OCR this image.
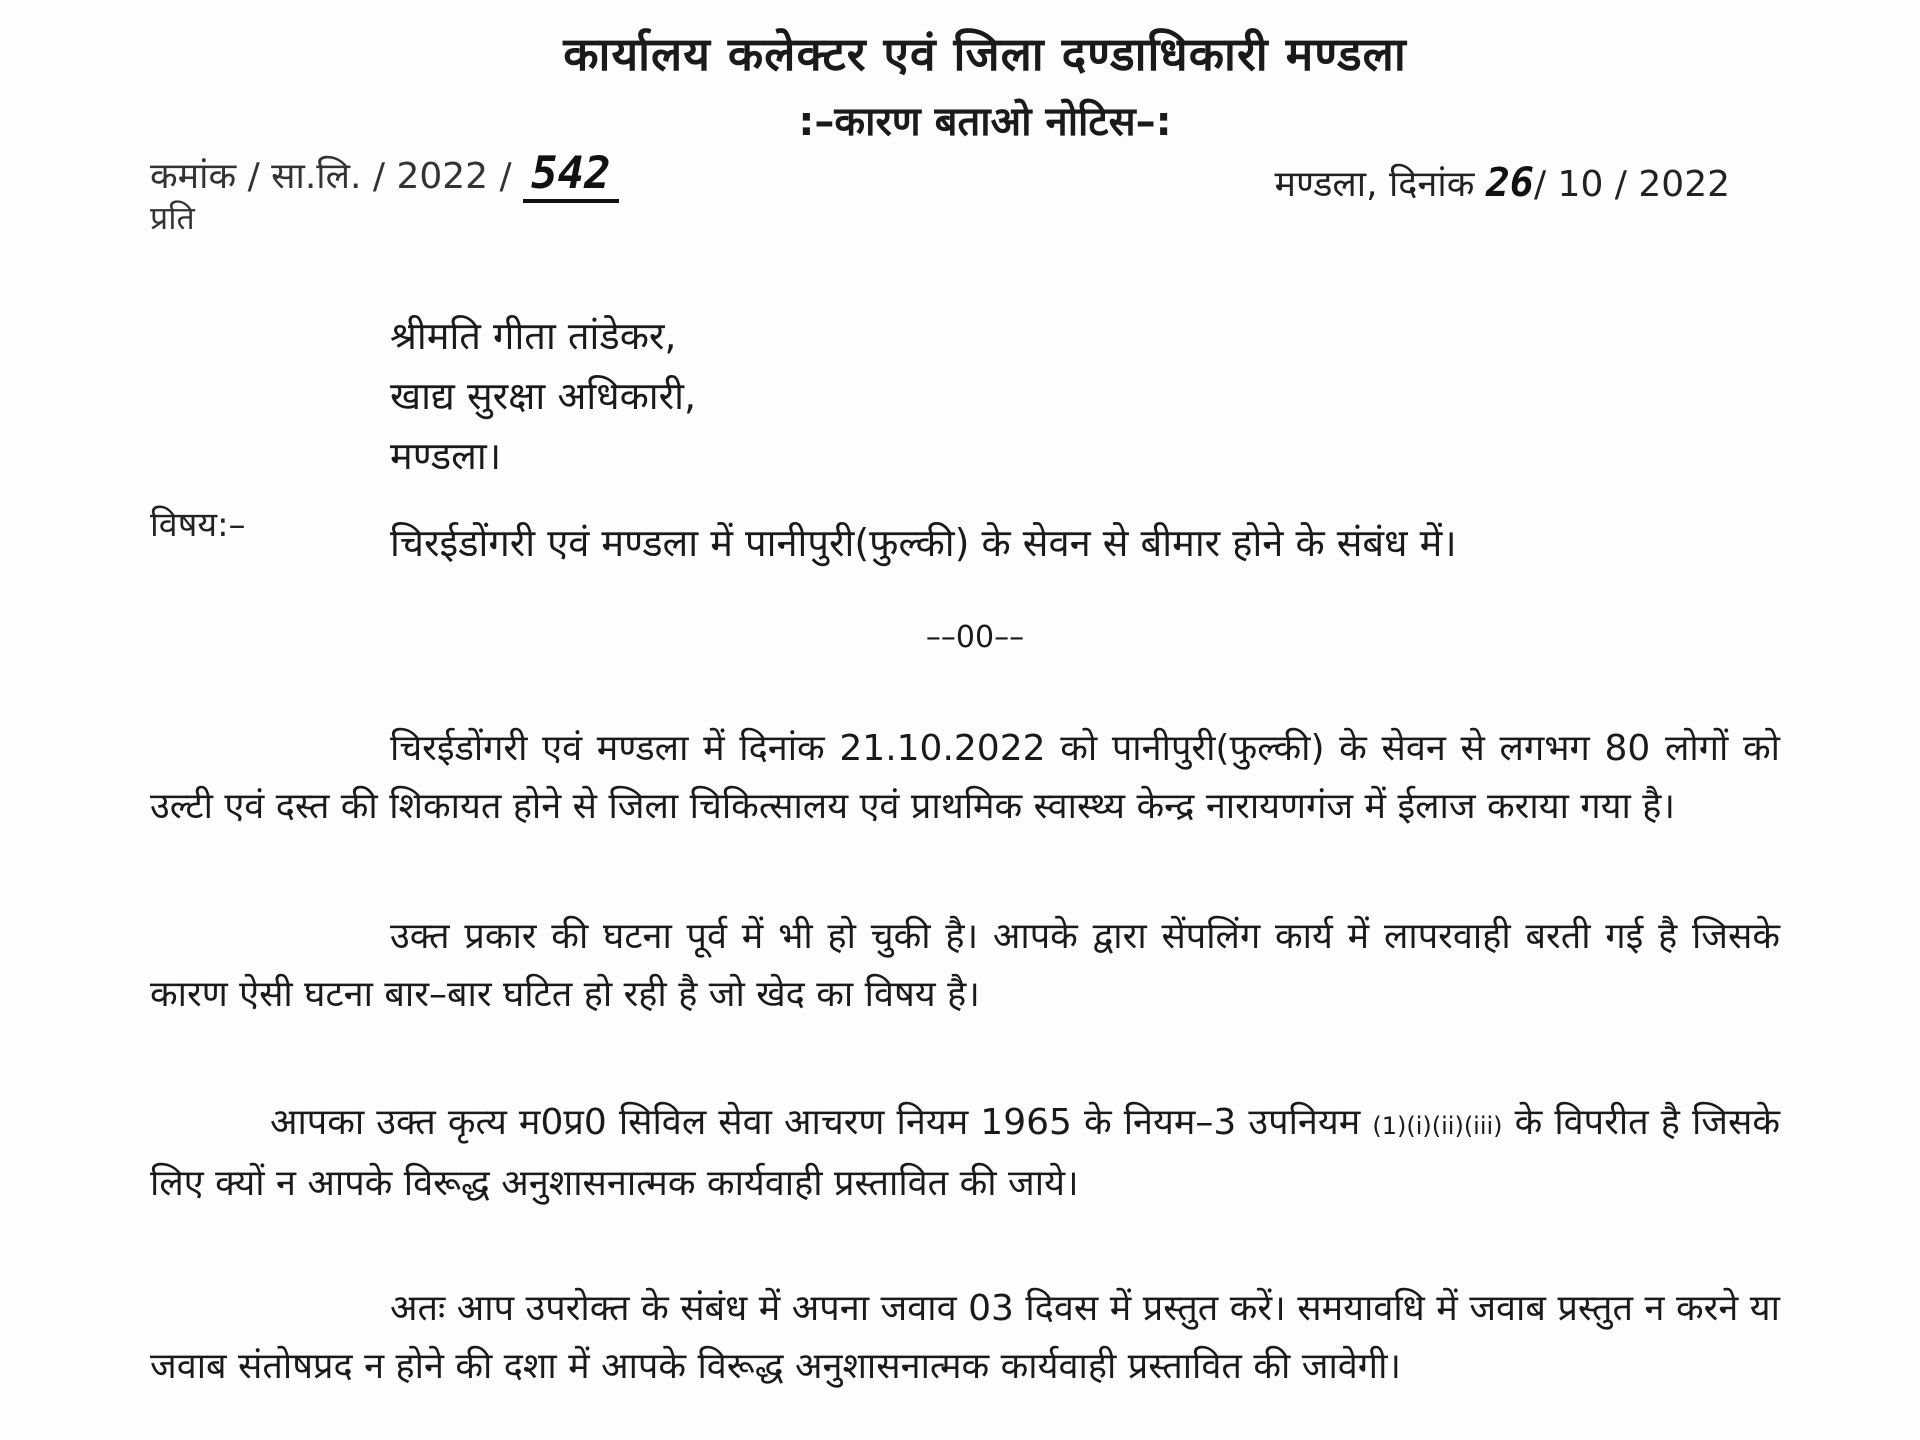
कार्यालय कलेक्टर एवं जिला दण्डाधिकारी मण्डला
:–कारण बताओ नोटिस–:
कमांक / सा.लि. / 2022 / 542	मण्डला, दिनांक 26/ 10 / 2022
प्रति
श्रीमति गीता तांडेकर,
खाद्य सुरक्षा अधिकारी,
मण्डला।
विषय:–	चिरईडोंगरी एवं मण्डला में पानीपुरी(फुल्की) के सेवन से बीमार होने के संबंध में।
––00––
चिरईडोंगरी एवं मण्डला में दिनांक 21.10.2022 को पानीपुरी(फुल्की) के सेवन से लगभग 80 लोगों को उल्टी एवं दस्त की शिकायत होने से जिला चिकित्सालय एवं प्राथमिक स्वास्थ्य केन्द्र नारायणगंज में ईलाज कराया गया है।
उक्त प्रकार की घटना पूर्व में भी हो चुकी है। आपके द्वारा सेंपलिंग कार्य में लापरवाही बरती गई है जिसके कारण ऐसी घटना बार–बार घटित हो रही है जो खेद का विषय है।
आपका उक्त कृत्य म0प्र0 सिविल सेवा आचरण नियम 1965 के नियम–3 उपनियम (1)(i)(ii)(iii) के विपरीत है जिसके लिए क्यों न आपके विरूद्ध अनुशासनात्मक कार्यवाही प्रस्तावित की जाये।
अतः आप उपरोक्त के संबंध में अपना जवाव 03 दिवस में प्रस्तुत करें। समयावधि में जवाब प्रस्तुत न करने या जवाब संतोषप्रद न होने की दशा में आपके विरूद्ध अनुशासनात्मक कार्यवाही प्रस्तावित की जावेगी।
